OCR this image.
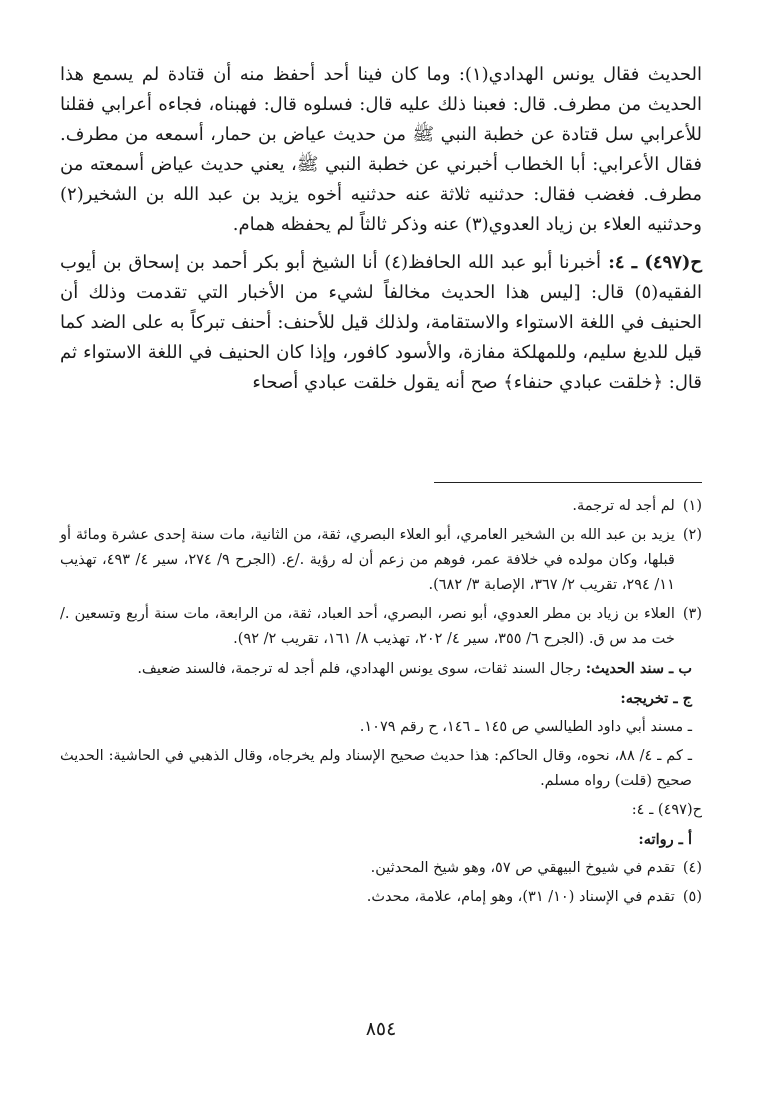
الحديث فقال يونس الهدادي(١): وما كان فينا أحد أحفظ منه أن قتادة لم يسمع هذا الحديث من مطرف. قال: فعبنا ذلك عليه قال: فسلوه قال: فهبناه، فجاءه أعرابي فقلنا للأعرابي سل قتادة عن خطبة النبي ﷺ من حديث عياض بن حمار، أسمعه من مطرف. فقال الأعرابي: أبا الخطاب أخبرني عن خطبة النبي ﷺ، يعني حديث عياض أسمعته من مطرف. فغضب فقال: حدثنيه ثلاثة عنه حدثنيه أخوه يزيد بن عبد الله بن الشخير(٢) وحدثنيه العلاء بن زياد العدوي(٣) عنه وذكر ثالثاً لم يحفظه همام.

ح(٤٩٧) ـ ٤: أخبرنا أبو عبد الله الحافظ(٤) أنا الشيخ أبو بكر أحمد بن إسحاق بن أيوب الفقيه(٥) قال: [ليس هذا الحديث مخالفاً لشيء من الأخبار التي تقدمت وذلك أن الحنيف في اللغة الاستواء والاستقامة، ولذلك قيل للأحنف: أحنف تبركاً به على الضد كما قيل للديغ سليم، وللمهلكة مفازة، والأسود كافور، وإذا كان الحنيف في اللغة الاستواء ثم قال: ﴿خلقت عبادي حنفاء﴾ صح أنه يقول خلقت عبادي أصحاء

(١)
لم أجد له ترجمة.
(٢)
يزيد بن عبد الله بن الشخير العامري، أبو العلاء البصري، ثقة، من الثانية، مات سنة إحدى عشرة ومائة أو قبلها، وكان مولده في خلافة عمر، فوهم من زعم أن له رؤية ./ع. (الجرح ٩/ ٢٧٤، سير ٤/ ٤٩٣، تهذيب ١١/ ٢٩٤، تقريب ٢/ ٣٦٧، الإصابة ٣/ ٦٨٢).
(٣)
العلاء بن زياد بن مطر العدوي، أبو نصر، البصري، أحد العباد، ثقة، من الرابعة، مات سنة أربع وتسعين ./خت مد س ق. (الجرح ٦/ ٣٥٥، سير ٤/ ٢٠٢، تهذيب ٨/ ١٦١، تقريب ٢/ ٩٢).
ب ـ سند الحديث: رجال السند ثقات، سوى يونس الهدادي، فلم أجد له ترجمة، فالسند ضعيف.
ج ـ تخريجه:
ـ مسند أبي داود الطيالسي ص ١٤٥ ـ ١٤٦، ح رقم ١٠٧٩.
ـ كم ـ ٤/ ٨٨، نحوه، وقال الحاكم: هذا حديث صحيح الإسناد ولم يخرجاه، وقال الذهبي في الحاشية: الحديث صحيح (قلت) رواه مسلم.
ح(٤٩٧) ـ ٤:
أ ـ رواته:
(٤)
تقدم في شيوخ البيهقي ص ٥٧، وهو شيخ المحدثين.
(٥)
تقدم في الإسناد (١٠/ ٣١)، وهو إمام، علامة، محدث.
٨٥٤
